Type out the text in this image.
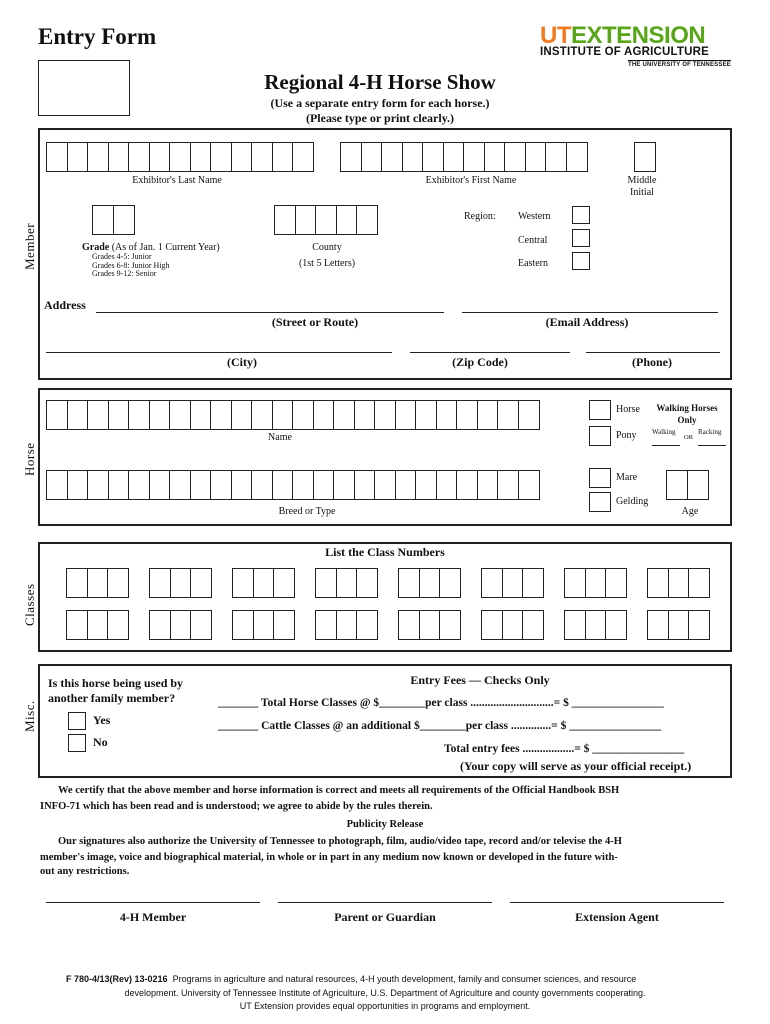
Entry Form	UTEXTENSION
INSTITUTE OF AGRICULTURE
THE UNIVERSITY OF TENNESSEE
Regional 4-H Horse Show
(Use a separate entry form for each horse.)
(Please type or print clearly.)
Member
Exhibitor's Last Name	Exhibitor's First Name	Middle
Initial
Grade (As of Jan. 1 Current Year)
Grades 4-5: Junior
Grades 6-8: Junior High
Grades 9-12: Senior
County
(1st 5 Letters)
Region: Western
Central
Eastern
Address
(Street or Route)	(Email Address)
(City)	(Zip Code)	(Phone)
Horse
Name
Breed or Type
Horse
Pony
Walking Horses
Only
Walking
OR
Racking
Mare
Gelding
Age
Classes
List the Class Numbers
Misc.
Is this horse being used by
another family member?
Yes
No
Entry Fees — Checks Only
_______ Total Horse Classes @ $________per class .............................= $ ________________
_______ Cattle Classes @ an additional $________per class ..............= $ ________________
Total entry fees ..................= $ ________________
(Your copy will serve as your official receipt.)
We certify that the above member and horse information is correct and meets all requirements of the Official Handbook BSH
INFO-71 which has been read and is understood; we agree to abide by the rules therein.
Publicity Release
Our signatures also authorize the University of Tennessee to photograph, film, audio/video tape, record and/or televise the 4-H
member's image, voice and biographical material, in whole or in part in any medium now known or developed in the future with-
out any restrictions.
4-H Member	Parent or Guardian	Extension Agent
F 780-4/13(Rev) 13-0216 Programs in agriculture and natural resources, 4-H youth development, family and consumer sciences, and resource
development. University of Tennessee Institute of Agriculture, U.S. Department of Agriculture and county governments cooperating.
UT Extension provides equal opportunities in programs and employment.
